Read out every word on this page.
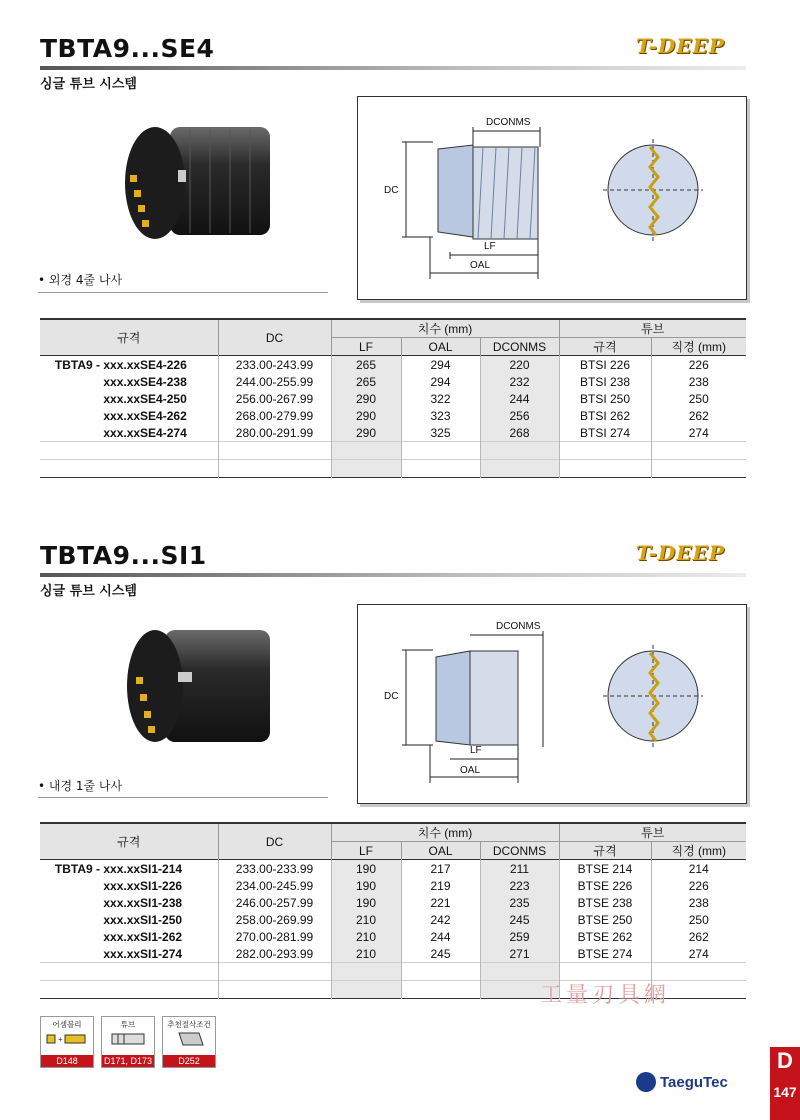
TBTA9...SE4	T-DEEP
싱글 튜브 시스템
• 외경 4줄 나사
DCONMS
DC
LF
OAL
규격	DC	치수 (mm)			튜브	
		LF	OAL	DCONMS	규격	직경 (mm)
TBTA9 - xxx.xxSE4-226	233.00-243.99	265	294	220	BTSI 226	226
xxx.xxSE4-238	244.00-255.99	265	294	232	BTSI 238	238
xxx.xxSE4-250	256.00-267.99	290	322	244	BTSI 250	250
xxx.xxSE4-262	268.00-279.99	290	323	256	BTSI 262	262
xxx.xxSE4-274	280.00-291.99	290	325	268	BTSI 274	274

TBTA9...SI1	T-DEEP
싱글 튜브 시스템
• 내경 1줄 나사
DCONMS
DC
LF
OAL
규격	DC	치수 (mm)			튜브	
		LF	OAL	DCONMS	규격	직경 (mm)
TBTA9 - xxx.xxSI1-214	233.00-233.99	190	217	211	BTSE 214	214
xxx.xxSI1-226	234.00-245.99	190	219	223	BTSE 226	226
xxx.xxSI1-238	246.00-257.99	190	221	235	BTSE 238	238
xxx.xxSI1-250	258.00-269.99	210	242	245	BTSE 250	250
xxx.xxSI1-262	270.00-281.99	210	244	259	BTSE 262	262
xxx.xxSI1-274	282.00-293.99	210	245	271	BTSE 274	274

工量刃具網
어셈블리
+
D148
튜브
D171, D173
추천절삭조건
D252
TaeguTec
D
147
